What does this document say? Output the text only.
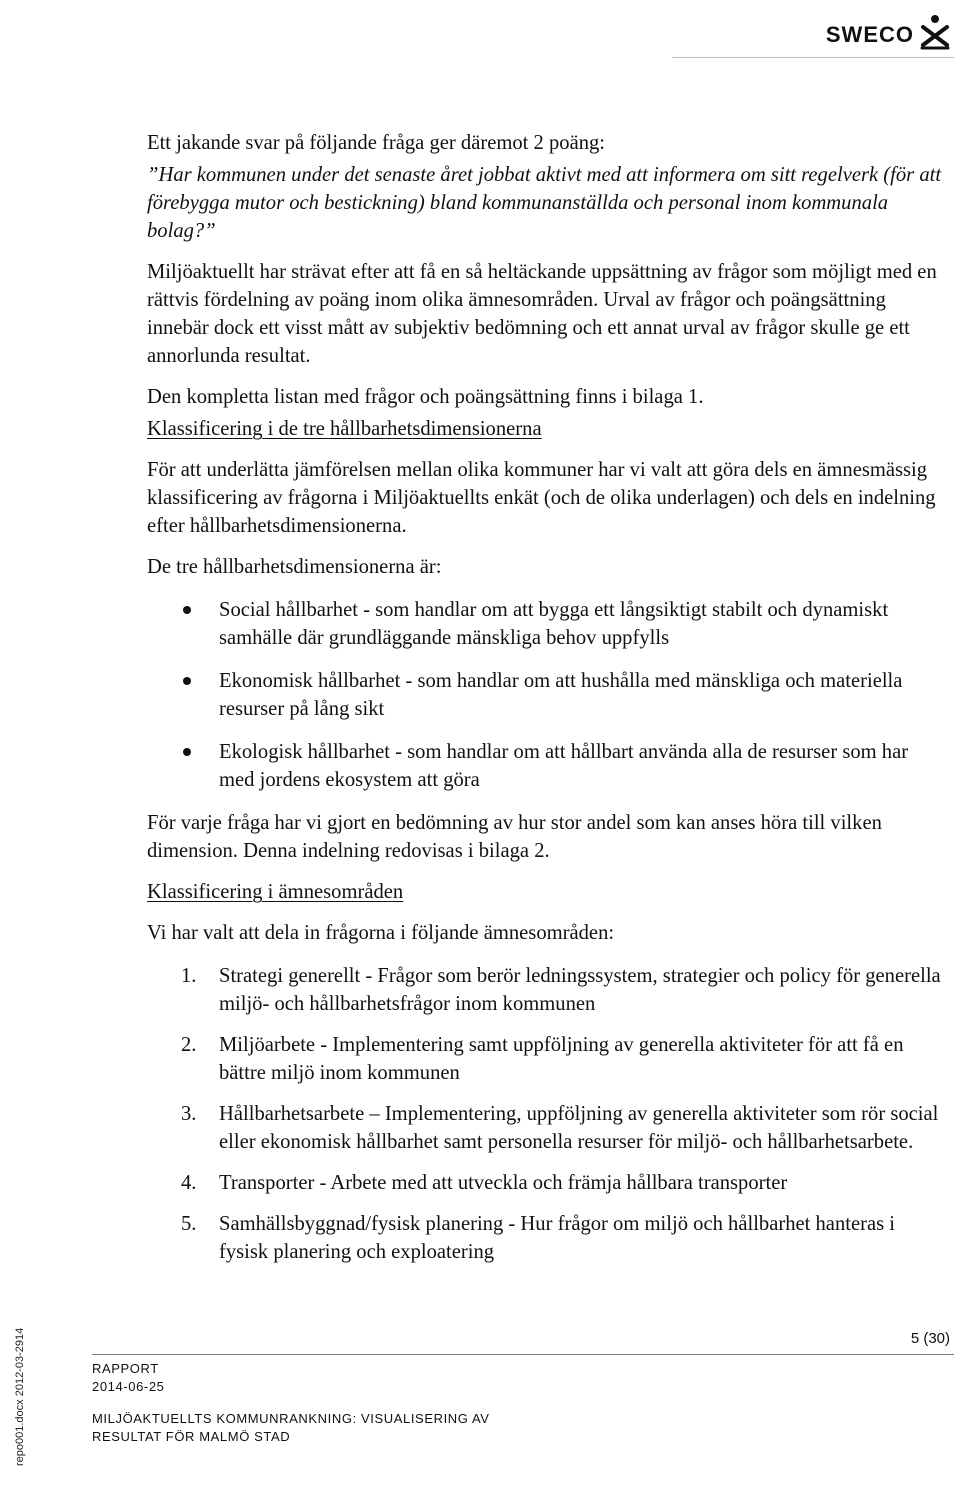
SWECO

Ett jakande svar på följande fråga ger däremot 2 poäng:

”Har kommunen under det senaste året jobbat aktivt med att informera om sitt regelverk (för att förebygga mutor och bestickning) bland kommunanställda och personal inom kommunala bolag?”

Miljöaktuellt har strävat efter att få en så heltäckande uppsättning av frågor som möjligt med en rättvis fördelning av poäng inom olika ämnesområden. Urval av frågor och poängsättning innebär dock ett visst mått av subjektiv bedömning och ett annat urval av frågor skulle ge ett annorlunda resultat.

Den kompletta listan med frågor och poängsättning finns i bilaga 1.

Klassificering i de tre hållbarhetsdimensionerna

För att underlätta jämförelsen mellan olika kommuner har vi valt att göra dels en ämnesmässig klassificering av frågorna i Miljöaktuellts enkät (och de olika underlagen) och dels en indelning efter hållbarhetsdimensionerna.

De tre hållbarhetsdimensionerna är:

Social hållbarhet - som handlar om att bygga ett långsiktigt stabilt och dynamiskt samhälle där grundläggande mänskliga behov uppfylls
Ekonomisk hållbarhet - som handlar om att hushålla med mänskliga och materiella resurser på lång sikt
Ekologisk hållbarhet - som handlar om att hållbart använda alla de resurser som har med jordens ekosystem att göra

För varje fråga har vi gjort en bedömning av hur stor andel som kan anses höra till vilken dimension. Denna indelning redovisas i bilaga 2.

Klassificering i ämnesområden

Vi har valt att dela in frågorna i följande ämnesområden:

1. Strategi generellt - Frågor som berör ledningssystem, strategier och policy för generella miljö- och hållbarhetsfrågor inom kommunen
2. Miljöarbete - Implementering samt uppföljning av generella aktiviteter för att få en bättre miljö inom kommunen
3. Hållbarhetsarbete – Implementering, uppföljning av generella aktiviteter som rör social eller ekonomisk hållbarhet samt personella resurser för miljö- och hållbarhetsarbete.
4. Transporter - Arbete med att utveckla och främja hållbara transporter
5. Samhällsbyggnad/fysisk planering - Hur frågor om miljö och hållbarhet hanteras i fysisk planering och exploatering
5 (30)
RAPPORT
2014-06-25
MILJÖAKTUELLTS KOMMUNRANKNING: VISUALISERING AV
RESULTAT FÖR MALMÖ STAD
repo001.docx 2012-03-2914
